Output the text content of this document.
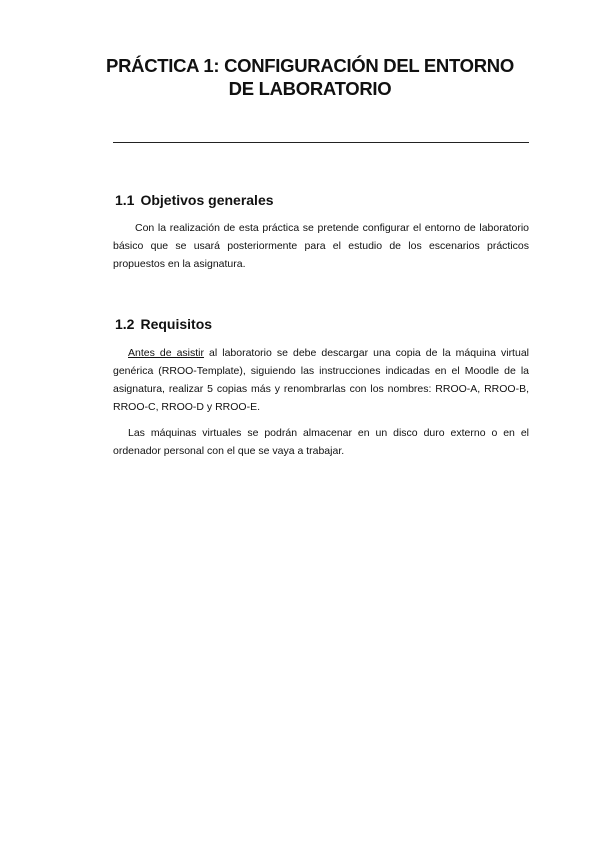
PRÁCTICA 1: CONFIGURACIÓN DEL ENTORNO
DE LABORATORIO
1.1 Objetivos generales

Con la realización de esta práctica se pretende configurar el entorno de laboratorio básico que se usará posteriormente para el estudio de los escenarios prácticos propuestos en la asignatura.

1.2 Requisitos

Antes de asistir al laboratorio se debe descargar una copia de la máquina virtual genérica (RROO-Template), siguiendo las instrucciones indicadas en el Moodle de la asignatura, realizar 5 copias más y renombrarlas con los nombres: RROO-A, RROO-B, RROO-C, RROO-D y RROO-E.

Las máquinas virtuales se podrán almacenar en un disco duro externo o en el ordenador personal con el que se vaya a trabajar.
